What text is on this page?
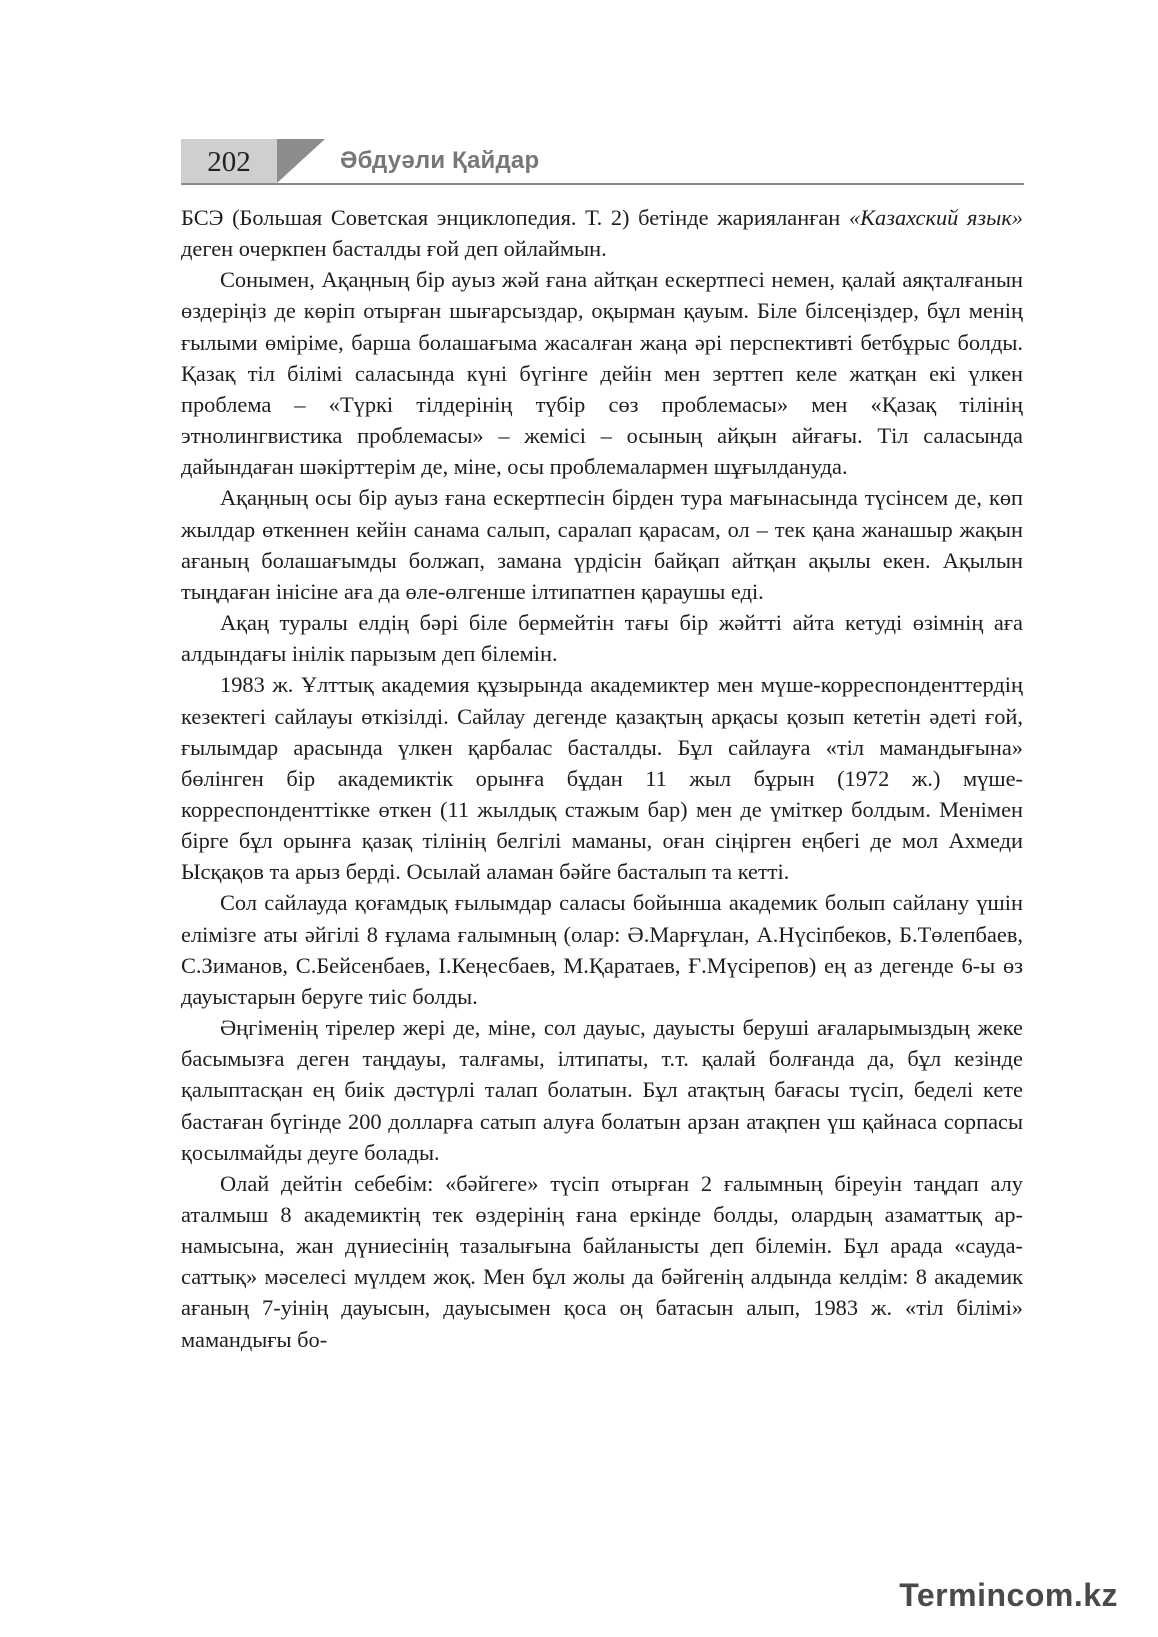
202	Әбдуәли Қайдар

БСЭ (Большая Советская энциклопедия. Т. 2) бетінде жарияланған «Казахский язык» деген очеркпен басталды ғой деп ойлаймын.

Сонымен, Ақаңның бір ауыз жәй ғана айтқан ескертпесі немен, қалай аяқталғанын өздеріңіз де көріп отырған шығарсыздар, оқырман қауым. Біле білсеңіздер, бұл менің ғылыми өміріме, барша болашағыма жасалған жаңа әрі перспективті бетбұрыс болды. Қазақ тіл білімі саласында күні бүгінге дейін мен зерттеп келе жатқан екі үлкен проблема – «Түркі тілдерінің түбір сөз проблемасы» мен «Қазақ тілінің этнолингвистика проблемасы» – жемісі – осының айқын айғағы. Тіл саласында дайындаған шәкірттерім де, міне, осы проблемалармен шұғылдануда.

Ақаңның осы бір ауыз ғана ескертпесін бірден тура мағынасында түсінсем де, көп жылдар өткеннен кейін санама салып, саралап қарасам, ол – тек қана жанашыр жақын ағаның болашағымды болжап, замана үрдісін байқап айтқан ақылы екен. Ақылын тыңдаған інісіне аға да өле-өлгенше ілтипатпен қараушы еді.

Ақаң туралы елдің бәрі біле бермейтін тағы бір жәйтті айта кетуді өзімнің аға алдындағы інілік парызым деп білемін.

1983 ж. Ұлттық академия құзырында академиктер мен мүше-корреспонденттердің кезектегі сайлауы өткізілді. Сайлау дегенде қазақтың арқасы қозып кететін әдеті ғой, ғылымдар арасында үлкен қарбалас басталды. Бұл сайлауға «тіл мамандығына» бөлінген бір академиктік орынға бұдан 11 жыл бұрын (1972 ж.) мүше-корреспонденттікке өткен (11 жылдық стажым бар) мен де үміткер болдым. Менімен бірге бұл орынға қазақ тілінің белгілі маманы, оған сіңірген еңбегі де мол Ахмеди Ысқақов та арыз берді. Осылай аламан бәйге басталып та кетті.

Сол сайлауда қоғамдық ғылымдар саласы бойынша академик болып сайлану үшін елімізге аты әйгілі 8 ғұлама ғалымның (олар: Ә.Марғұлан, А.Нүсіпбеков, Б.Төлепбаев, С.Зиманов, С.Бейсенбаев, І.Кеңесбаев, М.Қаратаев, Ғ.Мүсірепов) ең аз дегенде 6-ы өз дауыстарын беруге тиіс болды.

Әңгіменің тірелер жері де, міне, сол дауыс, дауысты беруші ағаларымыздың жеке басымызға деген таңдауы, талғамы, ілтипаты, т.т. қалай болғанда да, бұл кезінде қалыптасқан ең биік дәстүрлі талап болатын. Бұл атақтың бағасы түсіп, беделі кете бастаған бүгінде 200 долларға сатып алуға болатын арзан атақпен үш қайнаса сорпасы қосылмайды деуге болады.

Олай дейтін себебім: «бәйгеге» түсіп отырған 2 ғалымның біреуін таңдап алу аталмыш 8 академиктің тек өздерінің ғана еркінде болды, олардың азаматтық ар-намысына, жан дүниесінің тазалығына байланысты деп білемін. Бұл арада «сауда-саттық» мәселесі мүлдем жоқ. Мен бұл жолы да бәйгенің алдында келдім: 8 академик ағаның 7-уінің дауысын, дауысымен қоса оң батасын алып, 1983 ж. «тіл білімі» мамандығы бо-

Termincom.kz
